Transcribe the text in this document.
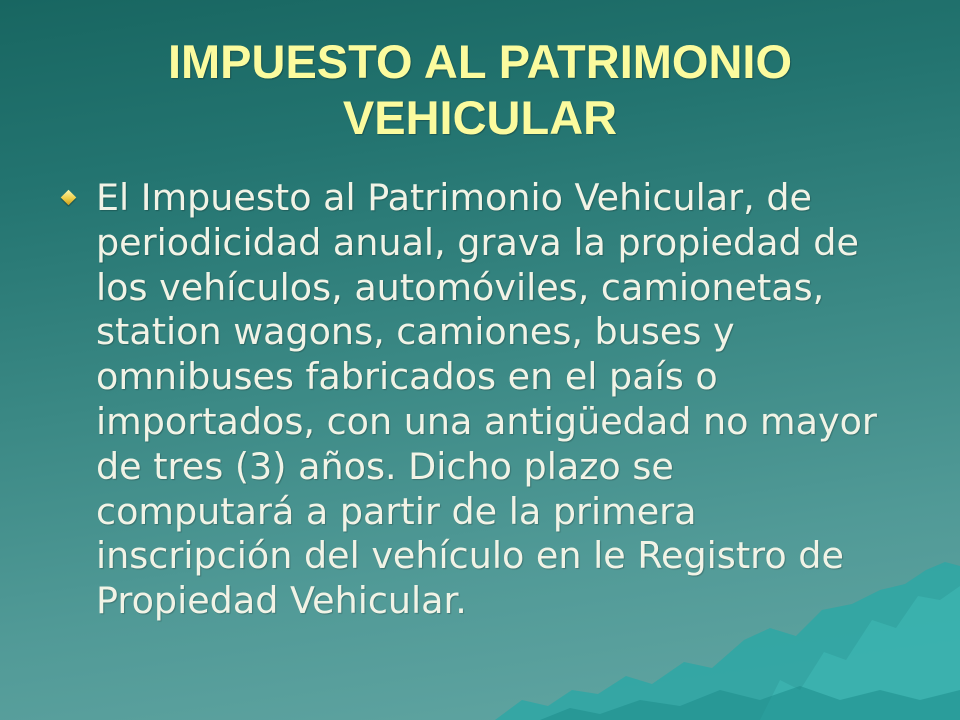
IMPUESTO AL PATRIMONIO
VEHICULAR
El Impuesto al Patrimonio Vehicular, de
periodicidad anual, grava la propiedad de
los vehículos, automóviles, camionetas,
station wagons, camiones, buses y
omnibuses fabricados en el país o
importados, con una antigüedad no mayor
de tres (3) años. Dicho plazo se
computará a partir de la primera
inscripción del vehículo en le Registro de
Propiedad Vehicular.
